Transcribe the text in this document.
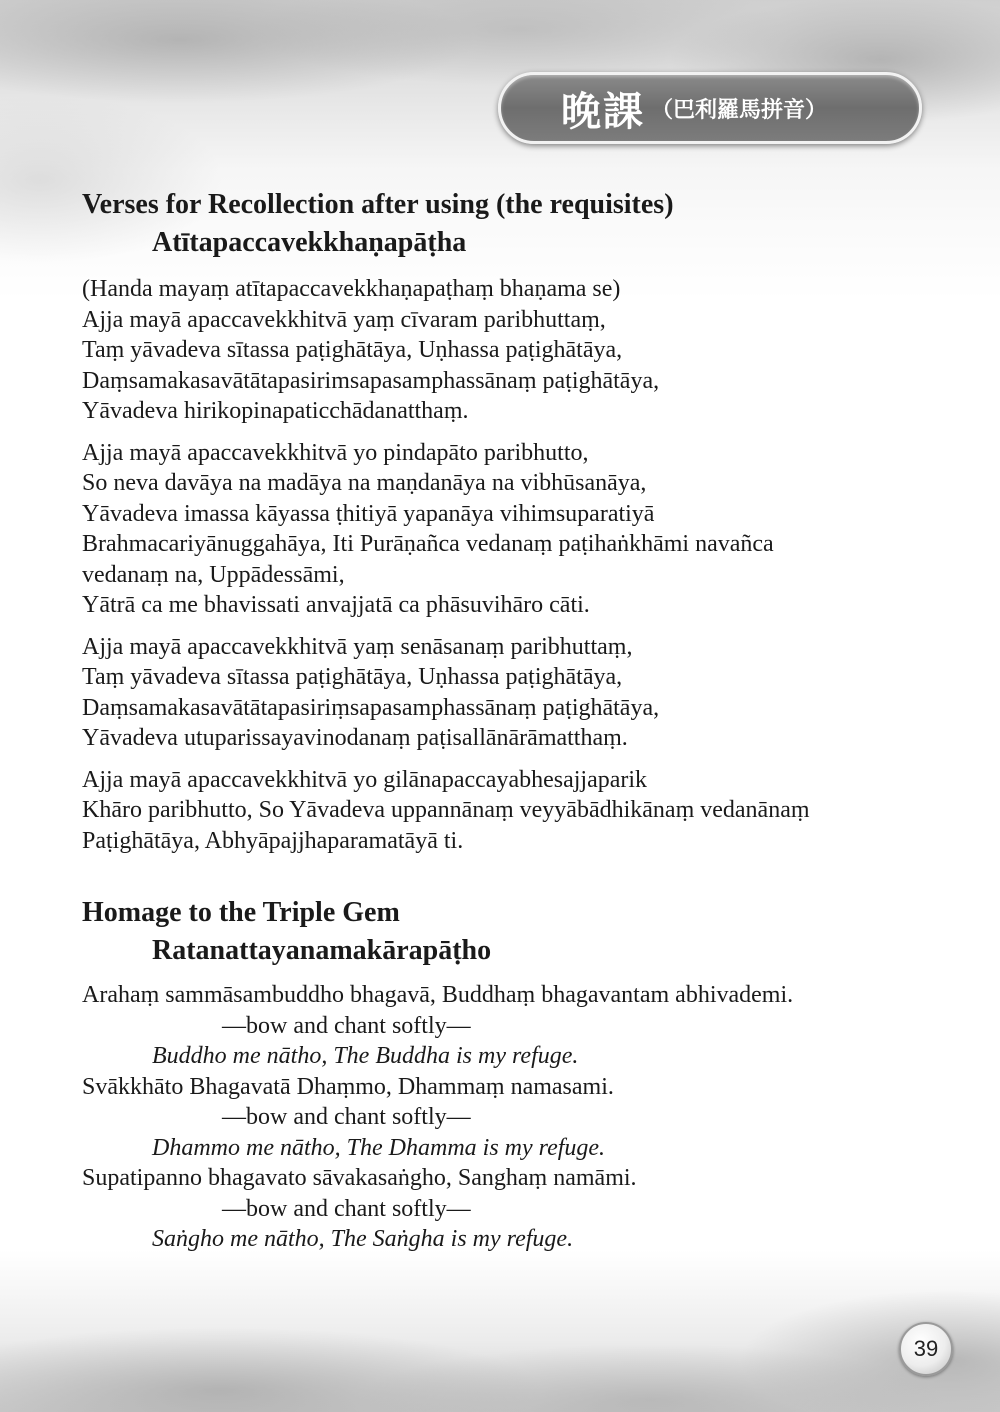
晚課 （巴利羅馬拼音）
Verses for Recollection after using (the requisites)
Atītapaccavekkhaṇapāṭha

(Handa mayaṃ atītapaccavekkhaṇapaṭhaṃ bhaṇama se)
Ajja mayā apaccavekkhitvā yaṃ cīvaram paribhuttaṃ,
Taṃ yāvadeva sītassa paṭighātāya, Uṇhassa paṭighātāya,
Daṃsamakasavātātapasirimsapasamphassānaṃ paṭighātāya,
Yāvadeva hirikopinapaticchādanatthaṃ.

Ajja mayā apaccavekkhitvā yo pindapāto paribhutto,
So neva davāya na madāya na maṇdanāya na vibhūsanāya,
Yāvadeva imassa kāyassa ṭhitiyā yapanāya vihimsuparatiyā
Brahmacariyānuggahāya, Iti Purāṇañca vedanaṃ paṭihaṅkhāmi navañca
vedanaṃ na, Uppādessāmi,
Yātrā ca me bhavissati anvajjatā ca phāsuvihāro cāti.

Ajja mayā apaccavekkhitvā yaṃ senāsanaṃ paribhuttaṃ,
Taṃ yāvadeva sītassa paṭighātāya, Uṇhassa paṭighātāya,
Daṃsamakasavātātapasiriṃsapasamphassānaṃ paṭighātāya,
Yāvadeva utuparissayavinodanaṃ paṭisallānārāmatthaṃ.

Ajja mayā apaccavekkhitvā yo gilānapaccayabhesajjaparik
Khāro paribhutto, So Yāvadeva uppannānaṃ veyyābādhikānaṃ vedanānaṃ
Paṭighātāya, Abhyāpajjhaparamatāyā ti.

Homage to the Triple Gem
Ratanattayanamakārapāṭho

Arahaṃ sammāsambuddho bhagavā, Buddhaṃ bhagavantam abhivademi.
—bow and chant softly—
Buddho me nātho, The Buddha is my refuge.
Svākkhāto Bhagavatā Dhaṃmo, Dhammaṃ namasami.
—bow and chant softly—
Dhammo me nātho, The Dhamma is my refuge.
Supatipanno bhagavato sāvakasaṅgho, Sanghaṃ namāmi.
—bow and chant softly—
Saṅgho me nātho, The Saṅgha is my refuge.

39
